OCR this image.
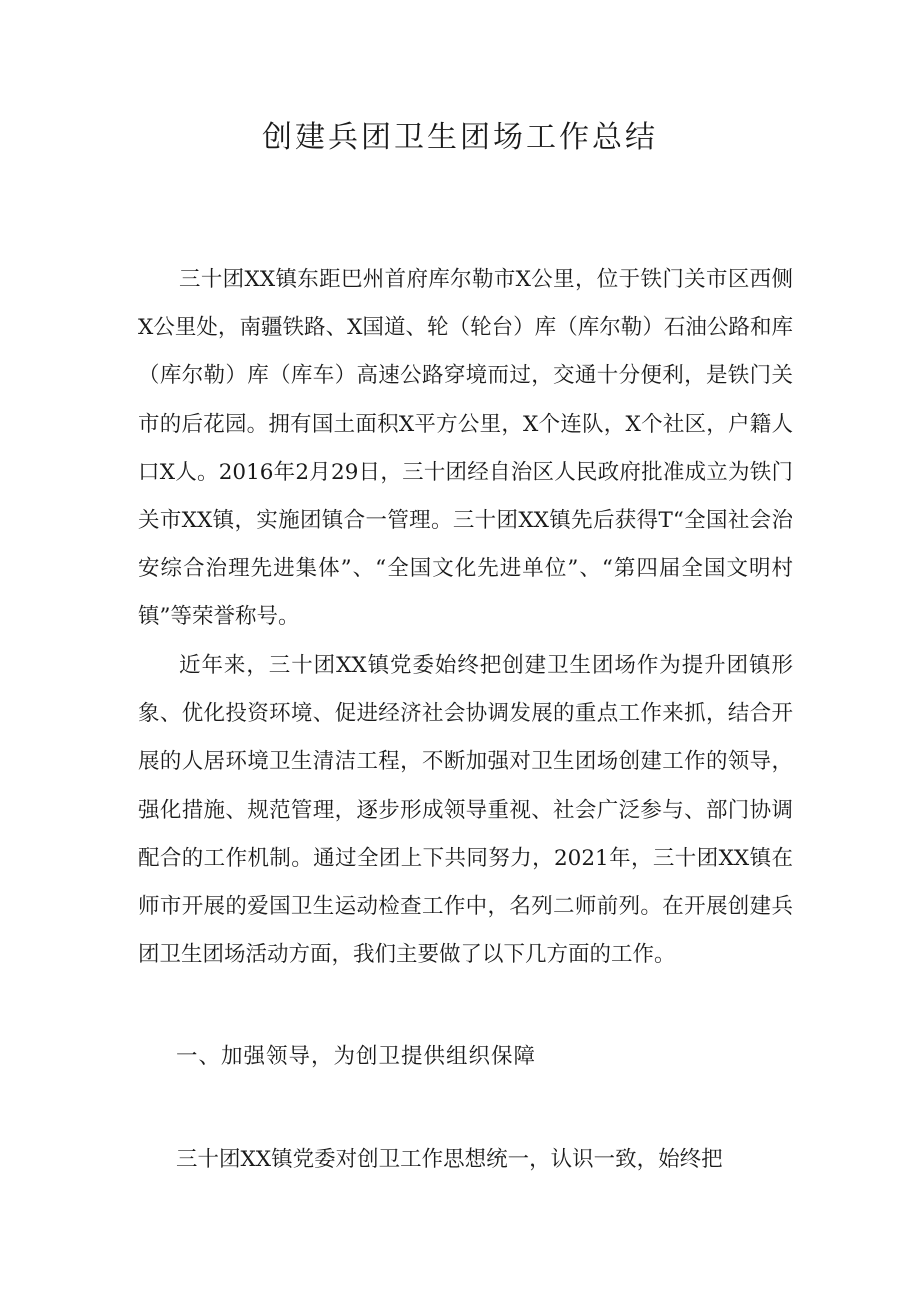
创建兵团卫生团场工作总结

三十团XX镇东距巴州首府库尔勒市X公里，位于铁门关市区西侧X公里处，南疆铁路、X国道、轮（轮台）库（库尔勒）石油公路和库（库尔勒）库（库车）高速公路穿境而过，交通十分便利，是铁门关市的后花园。拥有国土面积X平方公里，X个连队，X个社区，户籍人口X人。2016年2月29日，三十团经自治区人民政府批准成立为铁门关市XX镇，实施团镇合一管理。三十团XX镇先后获得T“全国社会治安综合治理先进集体”、“全国文化先进单位”、“第四届全国文明村镇”等荣誉称号。

近年来，三十团XX镇党委始终把创建卫生团场作为提升团镇形象、优化投资环境、促进经济社会协调发展的重点工作来抓，结合开展的人居环境卫生清洁工程，不断加强对卫生团场创建工作的领导，强化措施、规范管理，逐步形成领导重视、社会广泛参与、部门协调配合的工作机制。通过全团上下共同努力，2021年，三十团XX镇在师市开展的爱国卫生运动检查工作中，名列二师前列。在开展创建兵团卫生团场活动方面，我们主要做了以下几方面的工作。

一、加强领导，为创卫提供组织保障

三十团XX镇党委对创卫工作思想统一，认识一致，始终把
